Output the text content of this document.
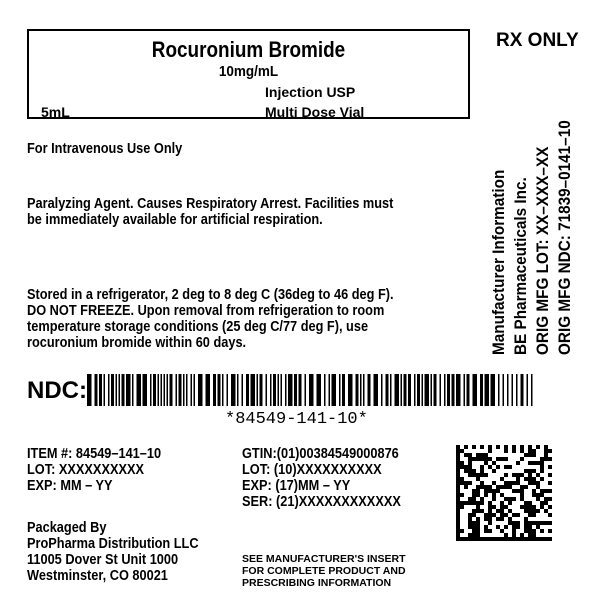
Rocuronium Bromide
10mg/mL
Injection USP
5mL	Multi Dose Vial
RX ONLY
For Intravenous Use Only
Paralyzing Agent. Causes Respiratory Arrest. Facilities must
be immediately available for artificial respiration.
Stored in a refrigerator, 2 deg to 8 deg C (36deg to 46 deg F).
DO NOT FREEZE. Upon removal from refrigeration to room
temperature storage conditions (25 deg C/77 deg F), use
rocuronium bromide within 60 days.	Manufacturer Information BE Pharmaceuticals Inc. ORIG MFG LOT: XX–XXX–XX ORIG MFG NDC: 71839–0141–10
NDC:
*84549-141-10*
ITEM #: 84549–141–10
LOT: XXXXXXXXXX
EXP: MM – YY
GTIN:(01)00384549000876
LOT: (10)XXXXXXXXXX
EXP: (17)MM – YY
SER: (21)XXXXXXXXXXXX
Packaged By
ProPharma Distribution LLC
11005 Dover St Unit 1000
Westminster, CO 80021
SEE MANUFACTURER'S INSERT
FOR COMPLETE PRODUCT AND
PRESCRIBING INFORMATION
